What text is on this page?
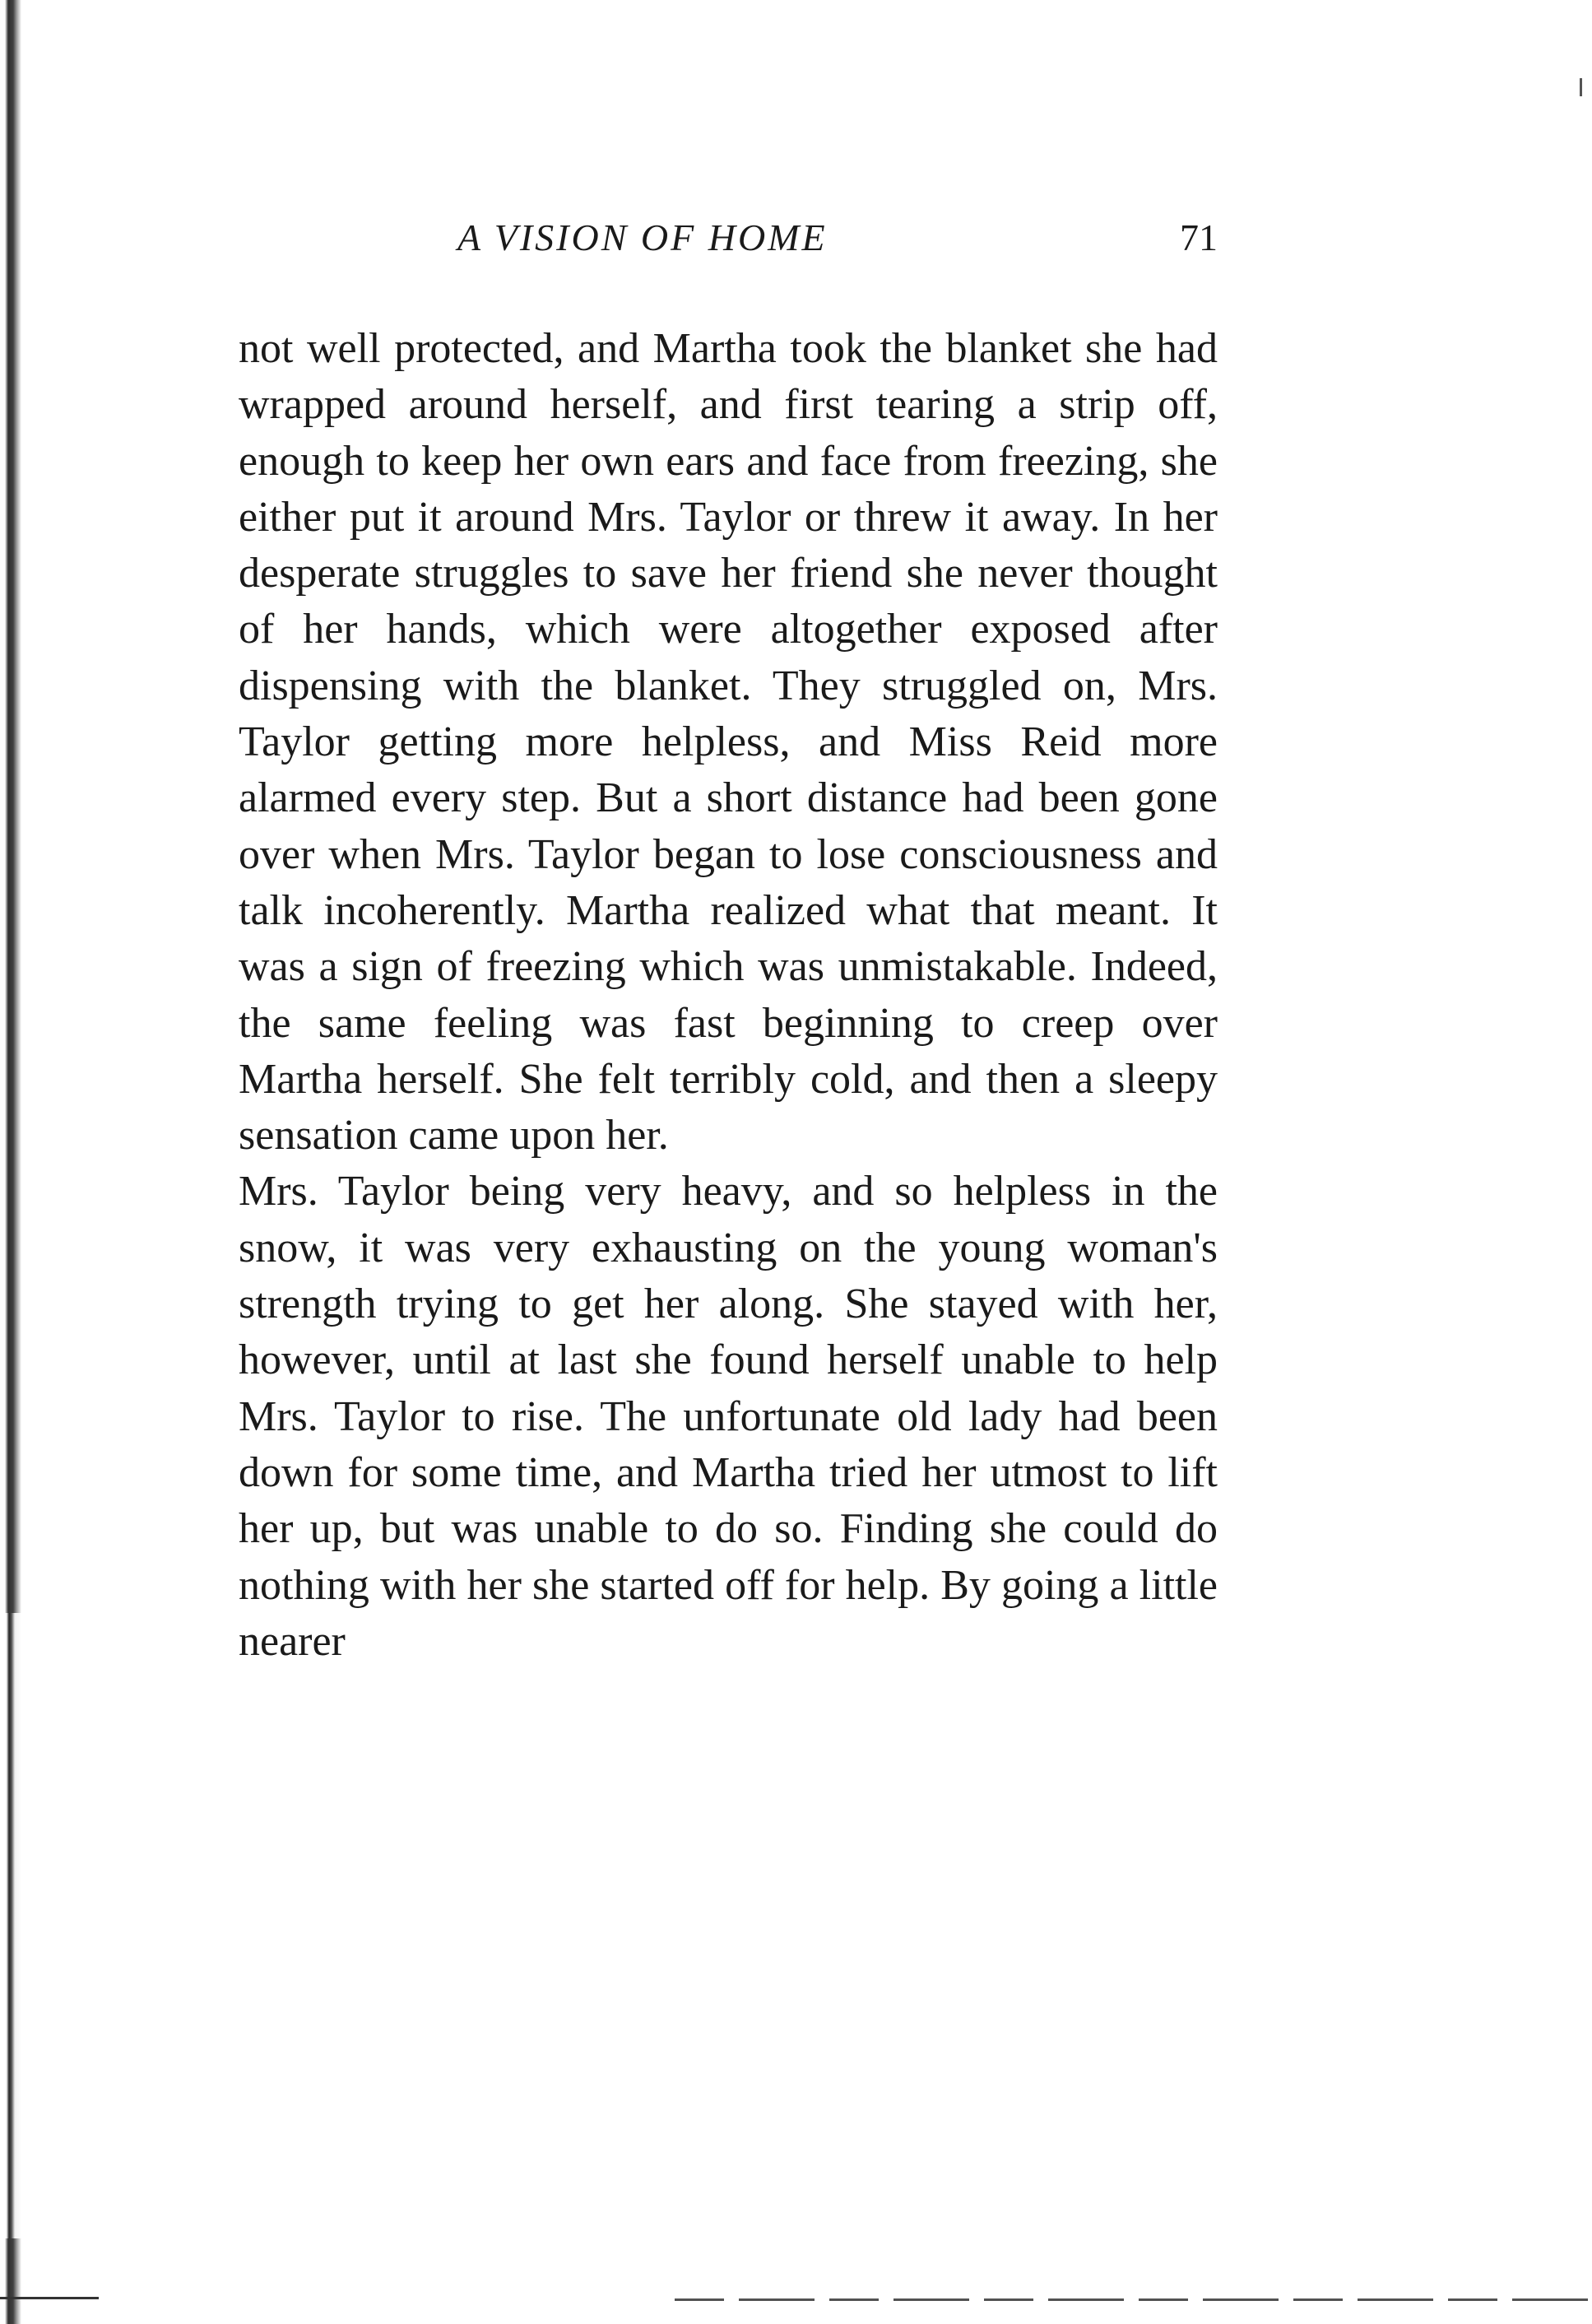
A VISION OF HOME	71

not well protected, and Martha took the blanket she had wrapped around herself, and first tearing a strip off, enough to keep her own ears and face from freezing, she either put it around Mrs. Taylor or threw it away. In her desperate struggles to save her friend she never thought of her hands, which were altogether exposed after dispensing with the blanket. They struggled on, Mrs. Taylor getting more helpless, and Miss Reid more alarmed every step. But a short distance had been gone over when Mrs. Taylor began to lose consciousness and talk incoherently. Martha realized what that meant. It was a sign of freezing which was unmistakable. Indeed, the same feeling was fast beginning to creep over Martha herself. She felt terribly cold, and then a sleepy sensation came upon her.

Mrs. Taylor being very heavy, and so helpless in the snow, it was very exhausting on the young woman's strength trying to get her along. She stayed with her, however, until at last she found herself unable to help Mrs. Taylor to rise. The unfortunate old lady had been down for some time, and Martha tried her utmost to lift her up, but was unable to do so. Finding she could do nothing with her she started off for help. By going a little nearer
